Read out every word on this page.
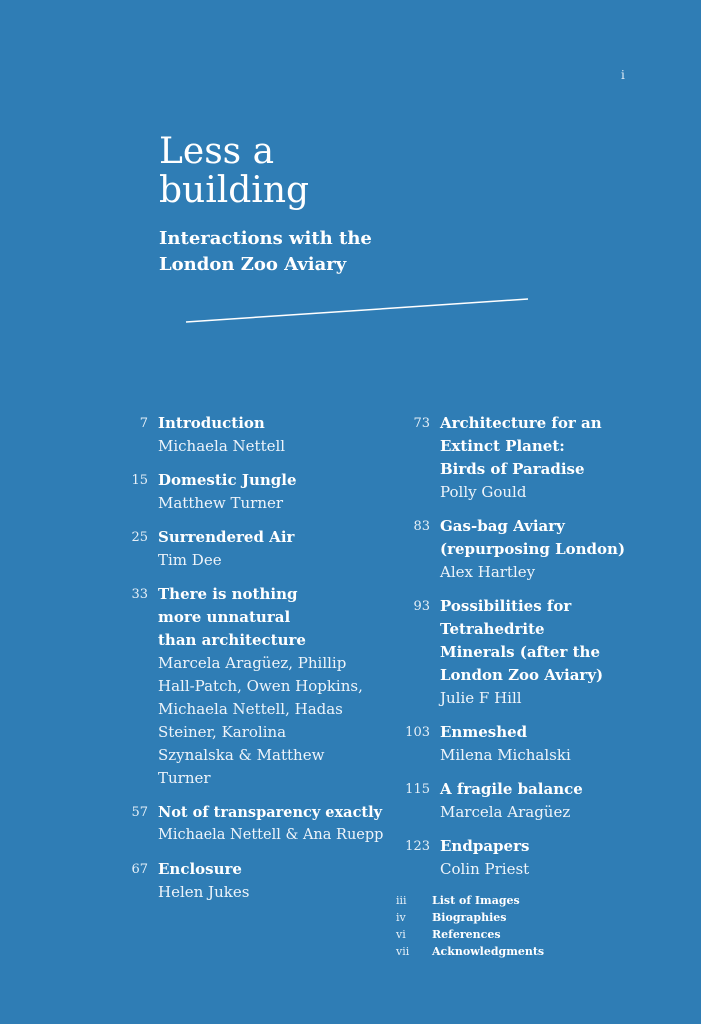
i
Less a building
Interactions with the London Zoo Aviary
7 Introduction
Michaela Nettell
15 Domestic Jungle
Matthew Turner
25 Surrendered Air
Tim Dee
33 There is nothing more unnatural than architecture
Marcela Aragüez, Phillip Hall-Patch, Owen Hopkins, Michaela Nettell, Hadas Steiner, Karolina Szynalska & Matthew Turner
57 Not of transparency exactly
Michaela Nettell & Ana Ruepp
67 Enclosure
Helen Jukes
73 Architecture for an Extinct Planet: Birds of Paradise
Polly Gould
83 Gas-bag Aviary (repurposing London)
Alex Hartley
93 Possibilities for Tetrahedrite Minerals (after the London Zoo Aviary)
Julie F Hill
103 Enmeshed
Milena Michalski
115 A fragile balance
Marcela Aragüez
123 Endpapers
Colin Priest
iii	List of Images
iv	Biographies
vi	References
vii	Acknowledgments
